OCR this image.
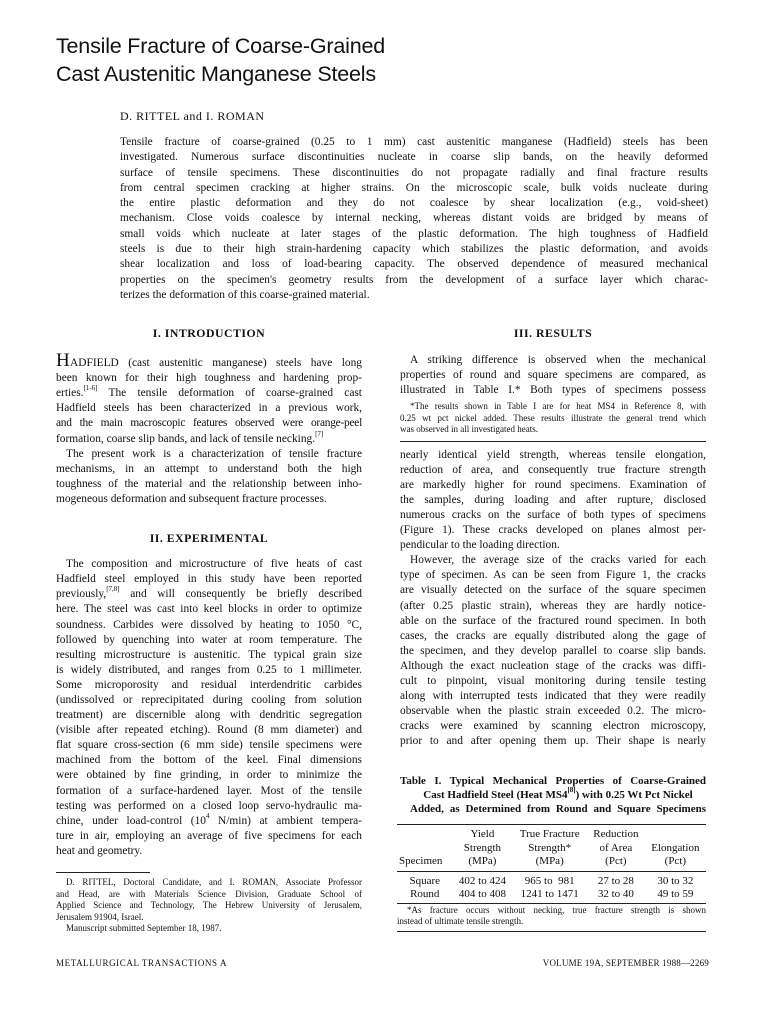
Tensile Fracture of Coarse-Grained
Cast Austenitic Manganese Steels
D. RITTEL and I. ROMAN
Tensile fracture of coarse-grained (0.25 to 1 mm) cast austenitic manganese (Hadfield) steels has been
investigated. Numerous surface discontinuities nucleate in coarse slip bands, on the heavily deformed
surface of tensile specimens. These discontinuities do not propagate radially and final fracture results
from central specimen cracking at higher strains. On the microscopic scale, bulk voids nucleate during
the entire plastic deformation and they do not coalesce by shear localization (e.g., void-sheet)
mechanism. Close voids coalesce by internal necking, whereas distant voids are bridged by means of
small voids which nucleate at later stages of the plastic deformation. The high toughness of Hadfield
steels is due to their high strain-hardening capacity which stabilizes the plastic deformation, and avoids
shear localization and loss of load-bearing capacity. The observed dependence of measured mechanical
properties on the specimen's geometry results from the development of a surface layer which charac-
terizes the deformation of this coarse-grained material.
I. INTRODUCTION
HADFIELD (cast austenitic manganese) steels have long
been known for their high toughness and hardening prop-
erties.[1-6] The tensile deformation of coarse-grained cast
Hadfield steels has been characterized in a previous work,
and the main macroscopic features observed were orange-peel
formation, coarse slip bands, and lack of tensile necking.[7]
The present work is a characterization of tensile fracture
mechanisms, in an attempt to understand both the high
toughness of the material and the relationship between inho-
mogeneous deformation and subsequent fracture processes.
II. EXPERIMENTAL
The composition and microstructure of five heats of cast
Hadfield steel employed in this study have been reported
previously,[7,8] and will consequently be briefly described
here. The steel was cast into keel blocks in order to optimize
soundness. Carbides were dissolved by heating to 1050 °C,
followed by quenching into water at room temperature. The
resulting microstructure is austenitic. The typical grain size
is widely distributed, and ranges from 0.25 to 1 millimeter.
Some microporosity and residual interdendritic carbides
(undissolved or reprecipitated during cooling from solution
treatment) are discernible along with dendritic segregation
(visible after repeated etching). Round (8 mm diameter) and
flat square cross-section (6 mm side) tensile specimens were
machined from the bottom of the keel. Final dimensions
were obtained by fine grinding, in order to minimize the
formation of a surface-hardened layer. Most of the tensile
testing was performed on a closed loop servo-hydraulic ma-
chine, under load-control ($10^4$ N/min) at ambient tempera-
ture in air, employing an average of five specimens for each
heat and geometry.
D. RITTEL, Doctoral Candidate, and I. ROMAN, Associate Professor
and Head, are with Materials Science Division, Graduate School of
Applied Science and Technology, The Hebrew University of Jerusalem,
Jerusalem 91904, Israel.
Manuscript submitted September 18, 1987.
III. RESULTS
A striking difference is observed when the mechanical
properties of round and square specimens are compared, as
illustrated in Table I.* Both types of specimens possess
*The results shown in Table I are for heat MS4 in Reference 8, with
0.25 wt pct nickel added. These results illustrate the general trend which
was observed in all investigated heats.
nearly identical yield strength, whereas tensile elongation,
reduction of area, and consequently true fracture strength
are markedly higher for round specimens. Examination of
the samples, during loading and after rupture, disclosed
numerous cracks on the surface of both types of specimens
(Figure 1). These cracks developed on planes almost per-
pendicular to the loading direction.
However, the average size of the cracks varied for each
type of specimen. As can be seen from Figure 1, the cracks
are visually detected on the surface of the square specimen
(after 0.25 plastic strain), whereas they are hardly notice-
able on the surface of the fractured round specimen. In both
cases, the cracks are equally distributed along the gage of
the specimen, and they develop parallel to coarse slip bands.
Although the exact nucleation stage of the cracks was diffi-
cult to pinpoint, visual monitoring during tensile testing
along with interrupted tests indicated that they were readily
observable when the plastic strain exceeded 0.2. The micro-
cracks were examined by scanning electron microscopy,
prior to and after opening them up. Their shape is nearly
Table I. Typical Mechanical Properties of Coarse-Grained
Cast Hadfield Steel (Heat MS4[8]) with 0.25 Wt Pct Nickel
Added, as Determined from Round and Square Specimens
	Yield	True Fracture	Reduction	
	Strength	Strength*	of Area	Elongation
Specimen	(MPa)	(MPa)	(Pct)	(Pct)
Square	402 to 424	965 to  981	27 to 28	30 to 32
Round	404 to 408	1241 to 1471	32 to 40	49 to 59
*As fracture occurs without necking, true fracture strength is shown
instead of ultimate tensile strength.
METALLURGICAL TRANSACTIONS A	VOLUME 19A, SEPTEMBER 1988—2269
